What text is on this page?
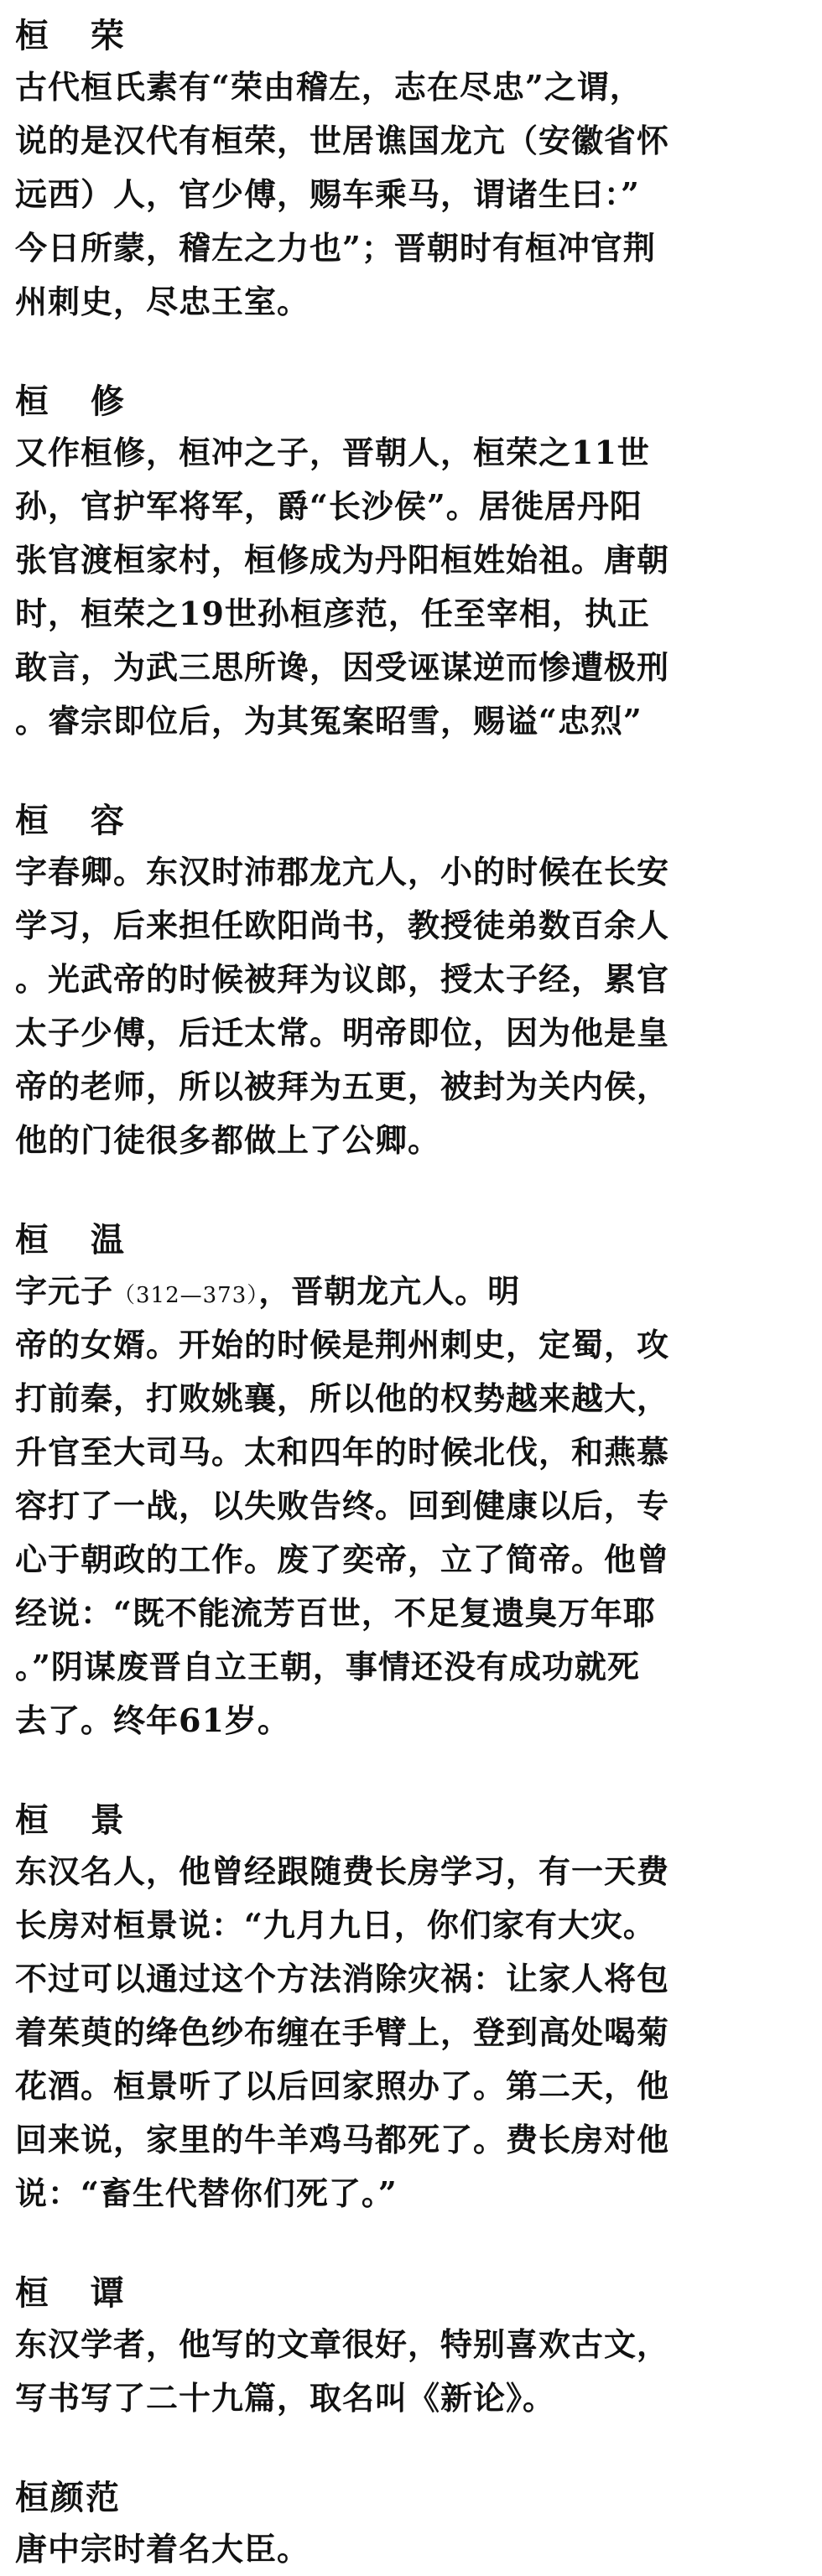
桓 荣
古代桓氏素有“荣由稽左，志在尽忠”之谓，
说的是汉代有桓荣，世居谯国龙亢（安徽省怀
远西）人，官少傅，赐车乘马，谓诸生曰：”
今日所蒙，稽左之力也”；晋朝时有桓冲官荆
州刺史，尽忠王室。
桓 修
又作桓修，桓冲之子，晋朝人，桓荣之11世
孙，官护军将军，爵“长沙侯”。居徙居丹阳
张官渡桓家村，桓修成为丹阳桓姓始祖。唐朝
时，桓荣之19世孙桓彦范，任至宰相，执正
敢言，为武三思所谗，因受诬谋逆而惨遭极刑
。睿宗即位后，为其冤案昭雪，赐谥“忠烈”
桓 容
字春卿。东汉时沛郡龙亢人，小的时候在长安
学习，后来担任欧阳尚书，教授徒弟数百余人
。光武帝的时候被拜为议郎，授太子经，累官
太子少傅，后迁太常。明帝即位，因为他是皇
帝的老师，所以被拜为五更，被封为关内侯，
他的门徒很多都做上了公卿。
桓 温
字元子（312—373），晋朝龙亢人。明
帝的女婿。开始的时候是荆州刺史，定蜀，攻
打前秦，打败姚襄，所以他的权势越来越大，
升官至大司马。太和四年的时候北伐，和燕慕
容打了一战，以失败告终。回到健康以后，专
心于朝政的工作。废了奕帝，立了简帝。他曾
经说：“既不能流芳百世，不足复遗臭万年耶
。”阴谋废晋自立王朝，事情还没有成功就死
去了。终年61岁。
桓 景
东汉名人，他曾经跟随费长房学习，有一天费
长房对桓景说：“九月九日，你们家有大灾。
不过可以通过这个方法消除灾祸：让家人将包
着茱萸的绛色纱布缠在手臂上，登到高处喝菊
花酒。桓景听了以后回家照办了。第二天，他
回来说，家里的牛羊鸡马都死了。费长房对他
说：“畜生代替你们死了。”
桓 谭
东汉学者，他写的文章很好，特别喜欢古文，
写书写了二十九篇，取名叫《新论》。
桓颜范
唐中宗时着名大臣。
